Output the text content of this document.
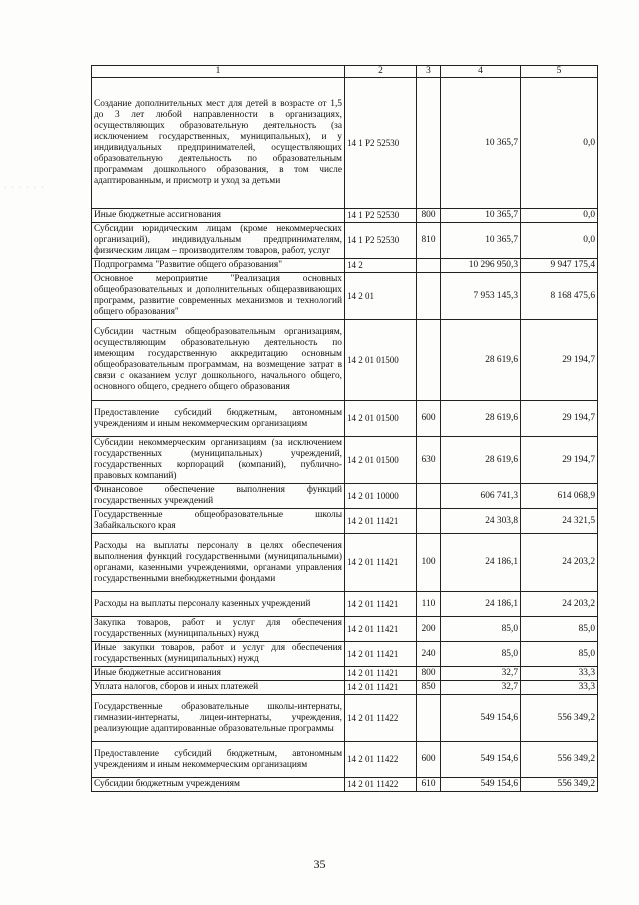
· · · · · ·
1	2	3	4	5
Создание дополнительных мест для детей в возрасте от 1,5 до 3 лет любой направленности в организациях, осуществляющих образовательную деятельность (за исключением государственных, муниципальных), и у индивидуальных предпринимателей, осуществляющих образовательную деятельность по образовательным программам дошкольного образования, в том числе адаптированным, и присмотр и уход за детьми	14 1 Р2 52530		10 365,7	0,0
Иные бюджетные ассигнования	14 1 Р2 52530	800	10 365,7	0,0
Субсидии юридическим лицам (кроме некоммерческих организаций), индивидуальным предпринимателям, физическим лицам – производителям товаров, работ, услуг	14 1 Р2 52530	810	10 365,7	0,0
Подпрограмма "Развитие общего образования"	14 2		10 296 950,3	9 947 175,4
Основное мероприятие "Реализация основных общеобразовательных и дополнительных общеразвивающих программ, развитие современных механизмов и технологий общего образования"	14 2 01		7 953 145,3	8 168 475,6
Субсидии частным общеобразовательным организациям, осуществляющим образовательную деятельность по имеющим государственную аккредитацию основным общеобразовательным программам, на возмещение затрат в связи с оказанием услуг дошкольного, начального общего, основного общего, среднего общего образования	14 2 01 01500		28 619,6	29 194,7
Предоставление субсидий бюджетным, автономным учреждениям и иным некоммерческим организациям	14 2 01 01500	600	28 619,6	29 194,7
Субсидии некоммерческим организациям (за исключением государственных (муниципальных) учреждений, государственных корпораций (компаний), публично-правовых компаний)	14 2 01 01500	630	28 619,6	29 194,7
Финансовое обеспечение выполнения функций государственных учреждений	14 2 01 10000		606 741,3	614 068,9
Государственные общеобразовательные школы Забайкальского края	14 2 01 11421		24 303,8	24 321,5
Расходы на выплаты персоналу в целях обеспечения выполнения функций государственными (муниципальными) органами, казенными учреждениями, органами управления государственными внебюджетными фондами	14 2 01 11421	100	24 186,1	24 203,2
Расходы на выплаты персоналу казенных учреждений	14 2 01 11421	110	24 186,1	24 203,2
Закупка товаров, работ и услуг для обеспечения государственных (муниципальных) нужд	14 2 01 11421	200	85,0	85,0
Иные закупки товаров, работ и услуг для обеспечения государственных (муниципальных) нужд	14 2 01 11421	240	85,0	85,0
Иные бюджетные ассигнования	14 2 01 11421	800	32,7	33,3
Уплата налогов, сборов и иных платежей	14 2 01 11421	850	32,7	33,3
Государственные образовательные школы-интернаты, гимназии-интернаты, лицеи-интернаты, учреждения, реализующие адаптированные образовательные программы	14 2 01 11422		549 154,6	556 349,2
Предоставление субсидий бюджетным, автономным учреждениям и иным некоммерческим организациям	14 2 01 11422	600	549 154,6	556 349,2
Субсидии бюджетным учреждениям	14 2 01 11422	610	549 154,6	556 349,2
35
